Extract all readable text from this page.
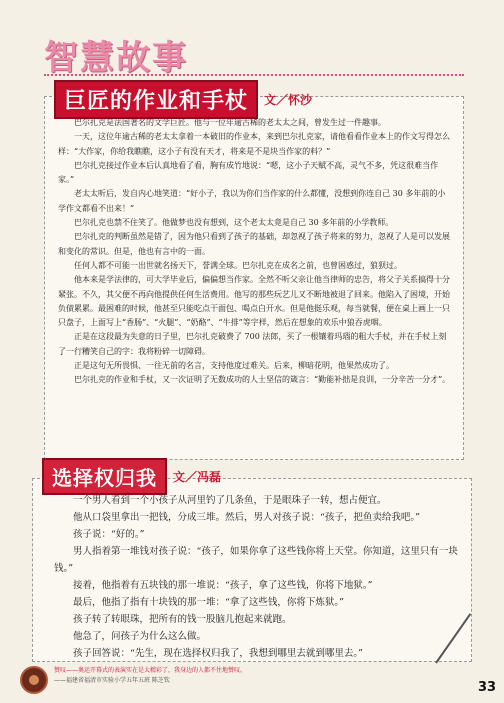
智慧故事
巨匠的作业和手杖	文／怀沙

巴尔扎克是法国著名的文学巨匠。他与一位年逾古稀的老太太之间，曾发生过一件趣事。

一天，这位年逾古稀的老太太拿着一本破旧的作业本，来到巴尔扎克家，请他看看作业本上的作文写得怎么样：“大作家，你给我瞧瞧，这小子有没有天才，将来是不是块当作家的料？”

巴尔扎克接过作业本后认真地看了看，胸有成竹地说：“嗯，这小子天赋不高，灵气不多，凭这很难当作家。”

老太太听后，发自内心地笑道：“好小子，我以为你们当作家的什么都懂，没想到你连自己 30 多年前的小学作文都看不出来！”

巴尔扎克也禁不住笑了。他做梦也没有想到，这个老太太竟是自己 30 多年前的小学教师。

巴尔扎克的判断虽然是错了，因为他只看到了孩子的基础，却忽视了孩子将来的努力，忽视了人是可以发展和变化的常识。但是，他也有言中的一面。

任何人都不可能一出世就名扬天下，誉满全球。巴尔扎克在成名之前，也曾困惑过，狼狈过。

他本来是学法律的，可大学毕业后，偏偏想当作家。全然不听父亲让他当律师的忠告，将父子关系搞得十分紧张。不久，其父便不再向他提供任何生活费用。他写的那些玩艺儿又不断地被退了回来。他陷入了困境，开始负债累累。最困难的时候，他甚至只能吃点干面包、喝点白开水。但是他挺乐观，每当就餐，便在桌上画上一只只盘子，上面写上“香肠”、“火腿”、“奶酪”、“牛排”等字样，然后在想象的欢乐中狼吞虎咽。

正是在这段最为失意的日子里，巴尔扎克破费了 700 法郎，买了一根镶着玛瑙的粗大手杖，并在手杖上刻了一行糟笑自己的字：我将粉碎一切障碍。

正是这句无所畏惧、一往无前的名言，支持他度过难关。后来，柳暗花明，他果然成功了。

巴尔扎克的作业和手杖，又一次证明了无数成功的人士坚信的箴言：“勤能补拙是良训，一分辛苦一分才”。

选择权归我	文／冯磊

一个男人看到一个小孩子从河里钓了几条鱼，于是眼珠子一转，想占便宜。

他从口袋里拿出一把钱，分成三堆。然后，男人对孩子说：“孩子，把鱼卖给我吧。”

孩子说：“好的。”

男人指着第一堆钱对孩子说：“孩子，如果你拿了这些钱你将上天堂。你知道，这里只有一块钱。”

接着，他指着有五块钱的那一堆说：“孩子，拿了这些钱，你将下地狱。”

最后，他指了指有十块钱的那一堆：“拿了这些钱，你将下炼狱。”

孩子转了转眼珠，把所有的钱一股脑儿抱起来就跑。

他急了，问孩子为什么这么做。

孩子回答说：“先生，现在选择权归我了，我想到哪里去就到哪里去。”

赞叹——奥运开幕式的表演实在是太精彩了，我身边的人都不住地赞叹。
——福建省福清市实验小学五年五班 陈芝钦	33
